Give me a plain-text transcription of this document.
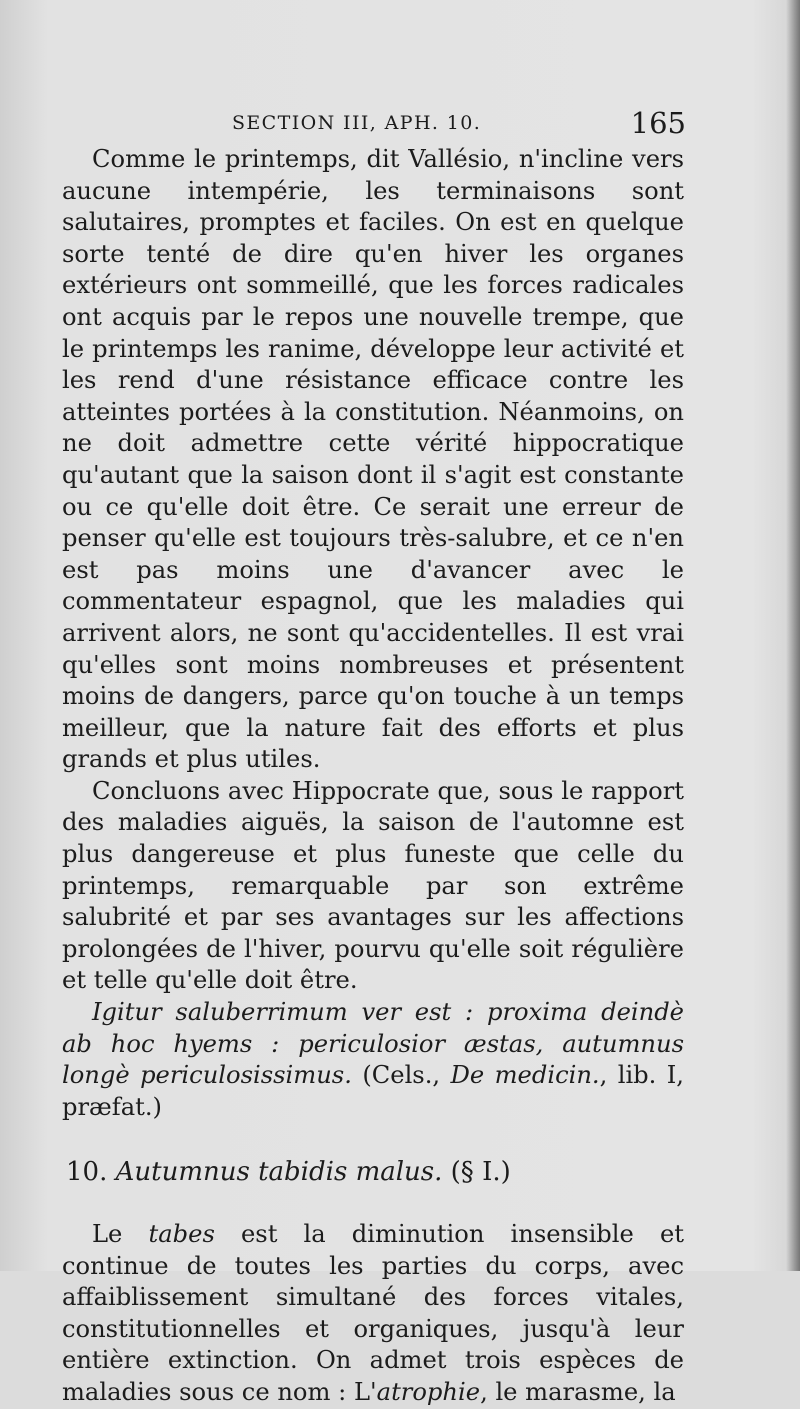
SECTION III, APH. 10.	165

Comme le printemps, dit Vallésio, n'incline vers aucune intempérie, les terminaisons sont salutaires, promptes et faciles. On est en quelque sorte tenté de dire qu'en hiver les organes extérieurs ont sommeillé, que les forces radicales ont acquis par le repos une nouvelle trempe, que le printemps les ranime, développe leur activité et les rend d'une résistance efficace contre les atteintes portées à la constitution. Néanmoins, on ne doit admettre cette vérité hippocratique qu'autant que la saison dont il s'agit est constante ou ce qu'elle doit être. Ce serait une erreur de penser qu'elle est toujours très-salubre, et ce n'en est pas moins une d'avancer avec le commentateur espagnol, que les maladies qui arrivent alors, ne sont qu'accidentelles. Il est vrai qu'elles sont moins nombreuses et présentent moins de dangers, parce qu'on touche à un temps meilleur, que la nature fait des efforts et plus grands et plus utiles.

Concluons avec Hippocrate que, sous le rapport des maladies aiguës, la saison de l'automne est plus dangereuse et plus funeste que celle du printemps, remarquable par son extrême salubrité et par ses avantages sur les affections prolongées de l'hiver, pourvu qu'elle soit régulière et telle qu'elle doit être.

Igitur saluberrimum ver est : proxima deindè ab hoc hyems : periculosior æstas, autumnus longè periculosissimus. (Cels., De medicin., lib. I, præfat.)

10. Autumnus tabidis malus. (§ I.)

Le tabes est la diminution insensible et continue de toutes les parties du corps, avec affaiblissement simultané des forces vitales, constitutionnelles et organiques, jusqu'à leur entière extinction. On admet trois espèces de maladies sous ce nom : L'atrophie, le marasme, la
